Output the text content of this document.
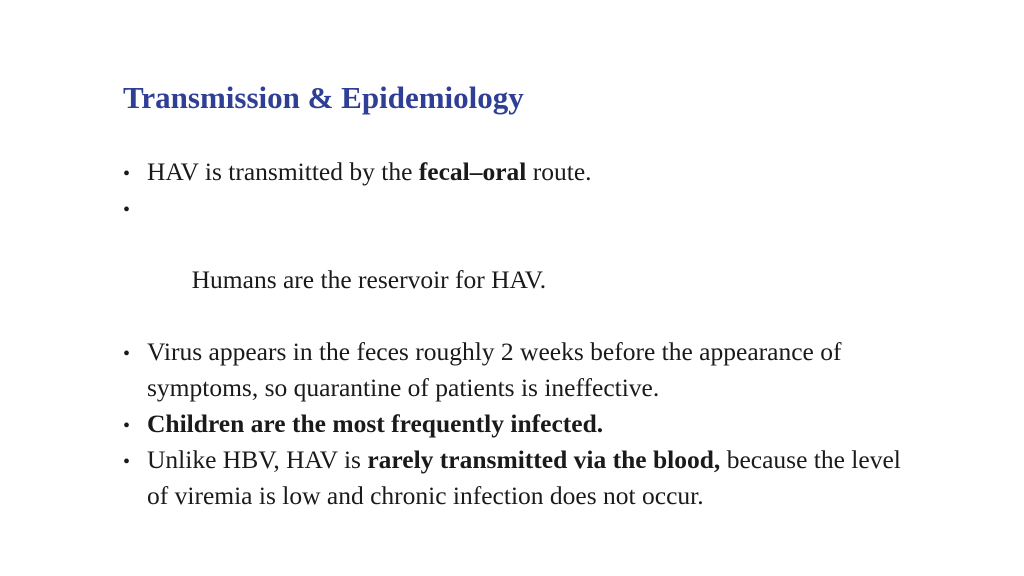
Transmission & Epidemiology
•
HAV is transmitted by the fecal–oral route.

•

Humans are the reservoir for HAV.

•
Virus appears in the feces roughly 2 weeks before the appearance of symptoms, so quarantine of patients is ineffective.
•
Children are the most frequently infected.
•
Unlike HBV, HAV is rarely transmitted via the blood, because the level of viremia is low and chronic infection does not occur.
